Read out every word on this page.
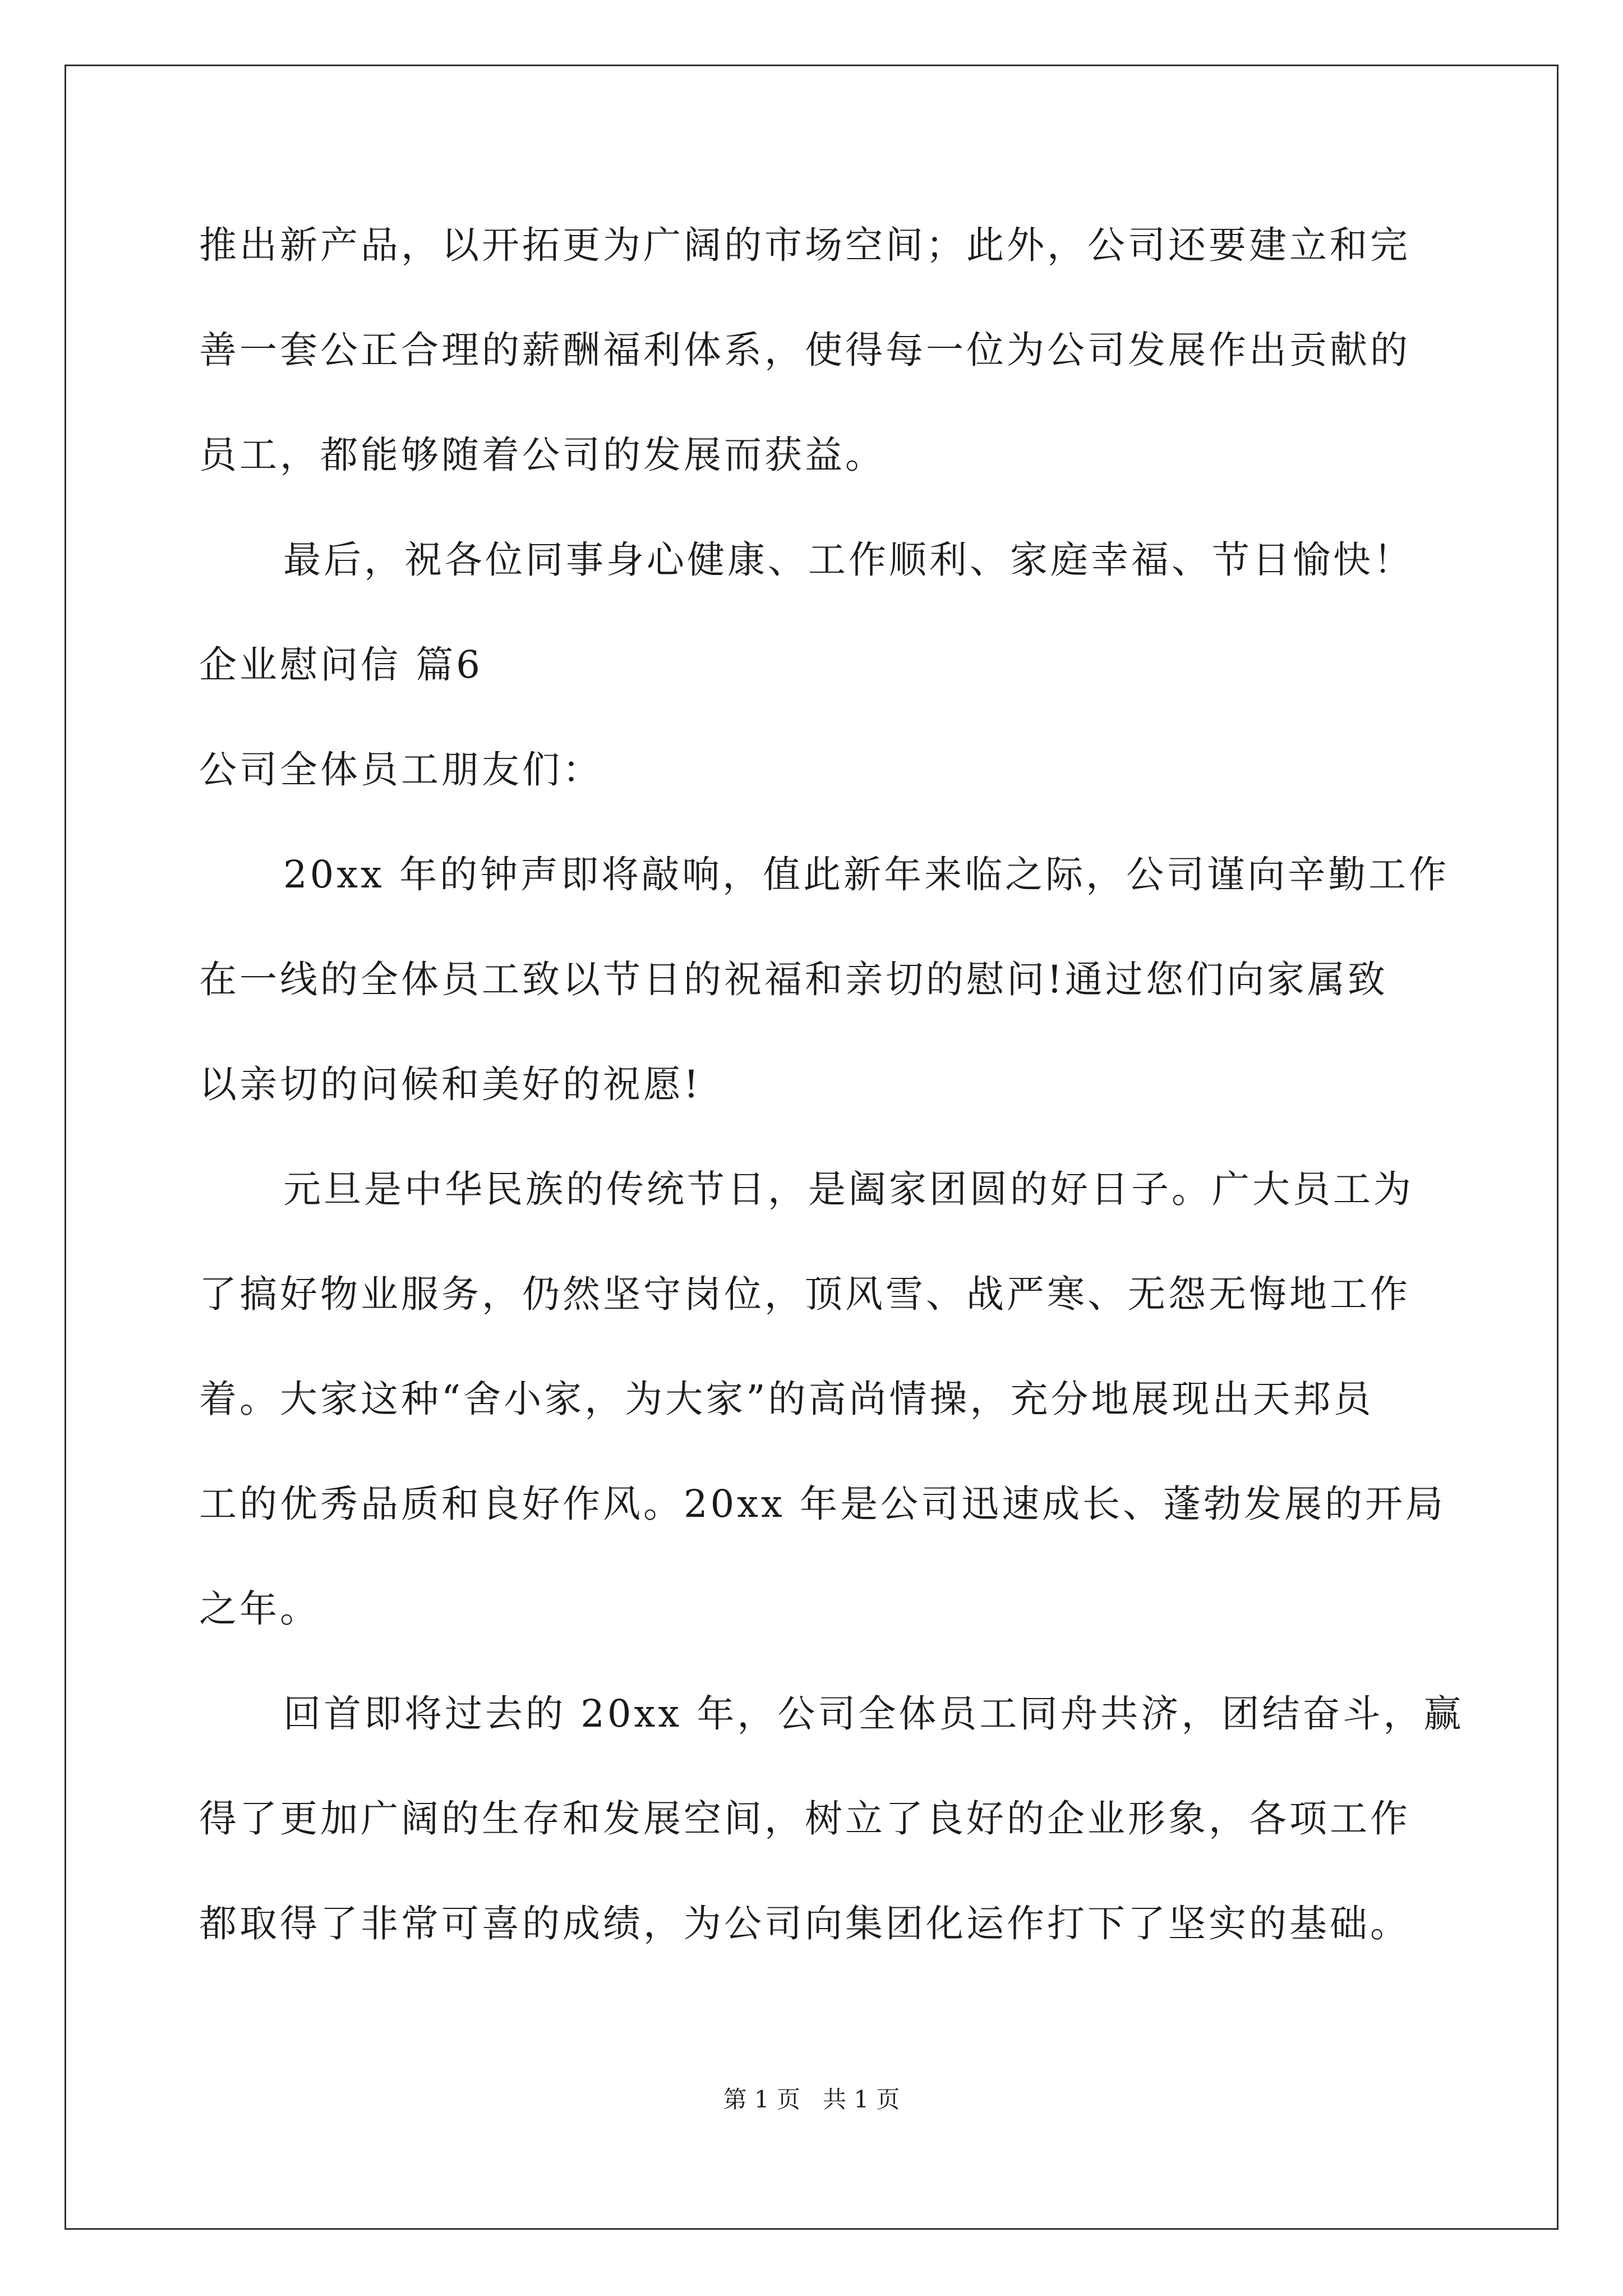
推出新产品，以开拓更为广阔的市场空间；此外，公司还要建立和完
善一套公正合理的薪酬福利体系，使得每一位为公司发展作出贡献的
员工，都能够随着公司的发展而获益。
最后，祝各位同事身心健康、工作顺利、家庭幸福、节日愉快！
企业慰问信 篇6
公司全体员工朋友们：
20xx 年的钟声即将敲响，值此新年来临之际，公司谨向辛勤工作
在一线的全体员工致以节日的祝福和亲切的慰问!通过您们向家属致
以亲切的问候和美好的祝愿!
元旦是中华民族的传统节日，是阖家团圆的好日子。广大员工为
了搞好物业服务，仍然坚守岗位，顶风雪、战严寒、无怨无悔地工作
着。大家这种“舍小家，为大家”的高尚情操，充分地展现出天邦员
工的优秀品质和良好作风。20xx 年是公司迅速成长、蓬勃发展的开局
之年。
回首即将过去的 20xx 年，公司全体员工同舟共济，团结奋斗，赢
得了更加广阔的生存和发展空间，树立了良好的企业形象，各项工作
都取得了非常可喜的成绩，为公司向集团化运作打下了坚实的基础。
第 1 页 共 1 页
